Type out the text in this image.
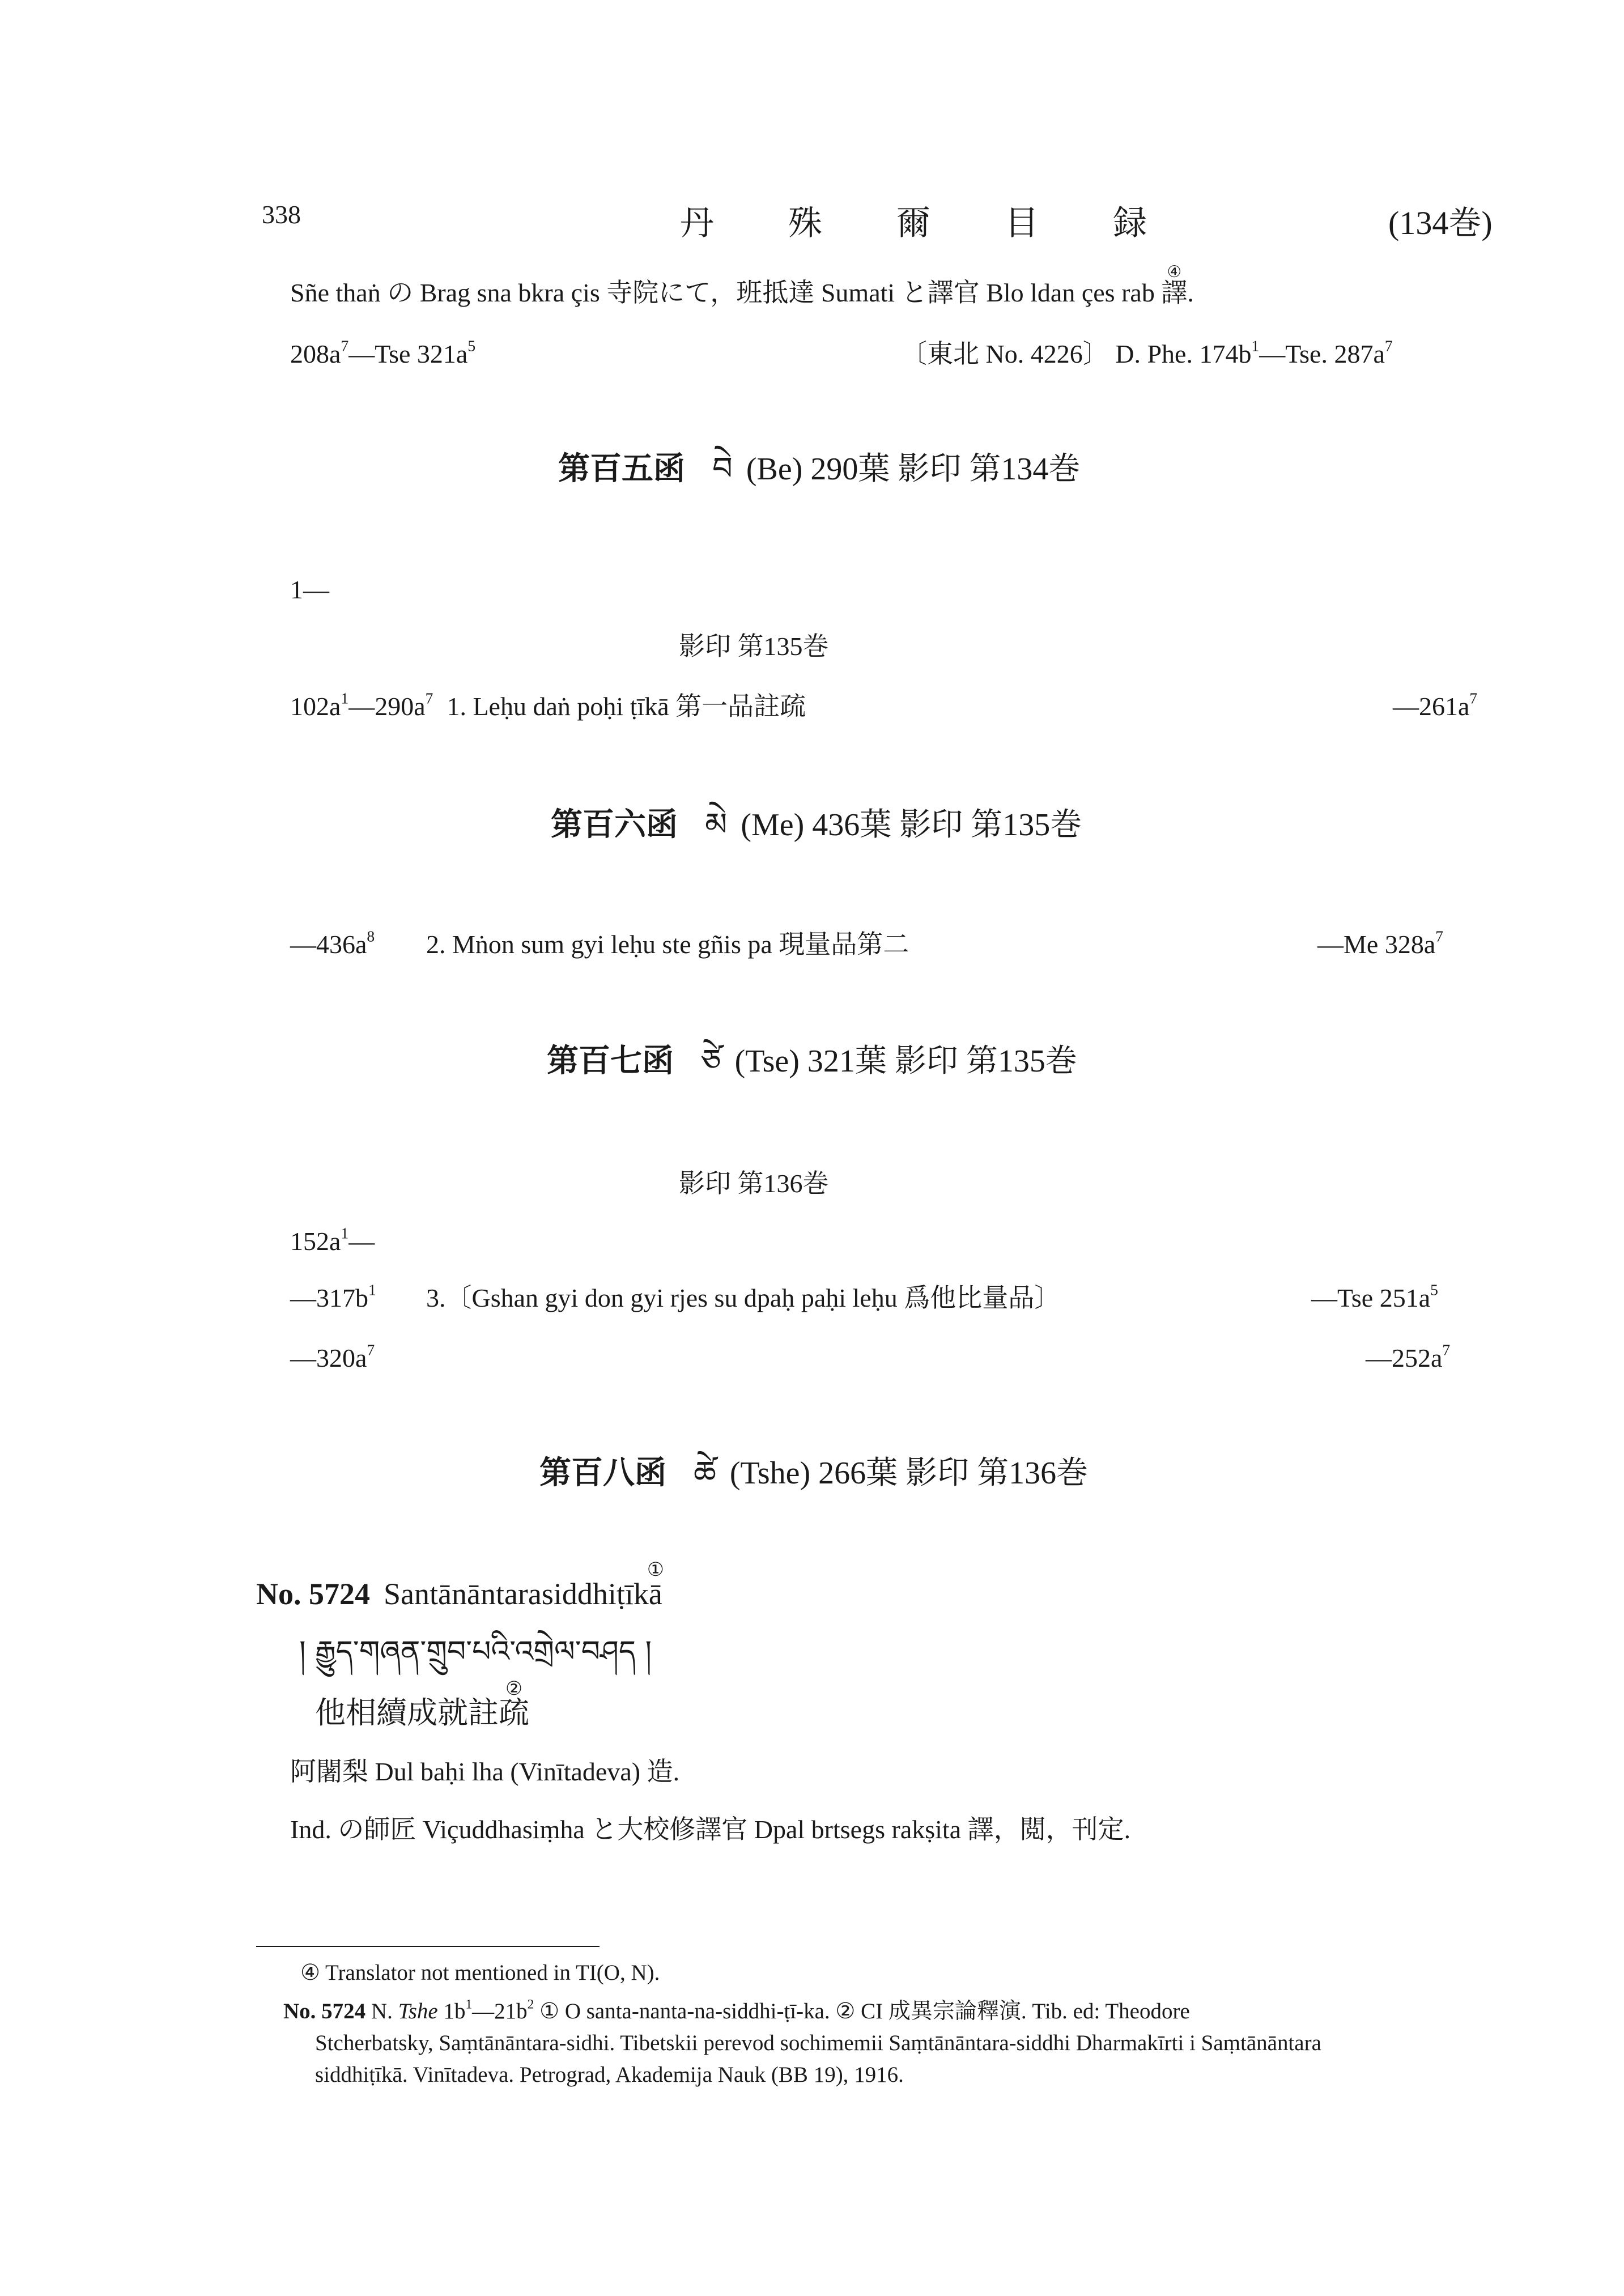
338	丹 殊 爾 目 録	(134巻)
Sñe thaṅ の Brag sna bkra çis 寺院にて，班抵達 Sumati と譯官 Blo ldan çes rab
④
譯.
$208a^7—Tse$ $321a^5$	〔東北 No. 4226〕 D. Phe. $174b^1—Tse$. $287a^7$
第百五函 བེ (Be) 290葉 影印 第134巻
1—
影印 第135巻
$102a^1—290a^7$ 1. Leḥu daṅ poḥi ṭīkā 第一品註疏	$—261a^7$
第百六函 མེ (Me) 436葉 影印 第135巻
$—436a^8$ 2. Mṅon sum gyi leḥu ste gñis pa 現量品第二	—Me $328a^7$
第百七函 ཙེ (Tse) 321葉 影印 第135巻
影印 第136巻
$152a^1—$
$—317b^1$ 3.〔Gshan gyi don gyi rjes su dpaḥ paḥi leḥu 爲他比量品〕	—Tse $251a^5$
$—320a^7$	$—252a^7$
第百八函 ཚེ (Tshe) 266葉 影印 第136巻
No. 5724 Santānāntarasiddhiṭīk
①
ā
། རྒྱུད་གཞན་གྲུབ་པའི་འགྲེལ་བཤད །
他相續成就註
②
疏
阿闍梨 Dul baḥi lha (Vinītadeva) 造.
Ind. の師匠 Viçuddhasiṃha と大校修譯官 Dpal brtsegs rakṣita 譯，閲，刊定.
④ Translator not mentioned in TI(O, N).
No. 5724 N. Tshe $1b^1—21b^2$ ① O santa-nanta-na-siddhi-ṭī-ka. ② CI 成異宗論釋演. Tib. ed: Theodore
Stcherbatsky, Saṃtānāntara-sidhi. Tibetskii perevod sochimemii Saṃtānāntara-siddhi Dharmakīrti i Saṃtānāntara
siddhiṭīkā. Vinītadeva. Petrograd, Akademija Nauk (BB 19), 1916.
